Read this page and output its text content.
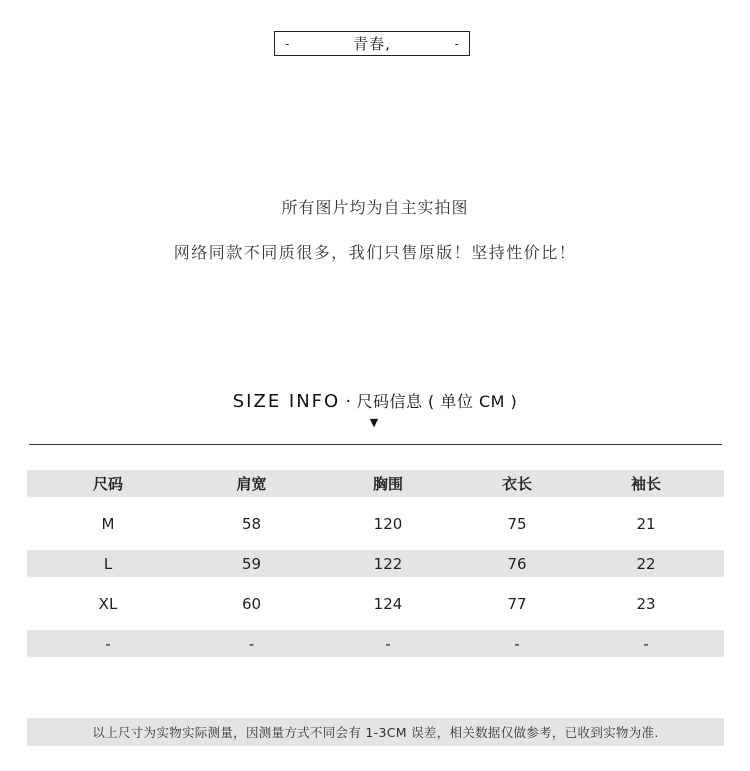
-	青春,	-
所有图片均为自主实拍图
网络同款不同质很多，我们只售原版！坚持性价比！
SIZE INFO · 尺码信息 ( 单位 CM )
▼
尺码	肩宽	胸围	衣长	袖长
M	58	120	75	21
L	59	122	76	22
XL	60	124	77	23
-	-	-	-	-
以上尺寸为实物实际测量，因测量方式不同会有 1-3CM 误差，相关数据仅做参考，已收到实物为准.
